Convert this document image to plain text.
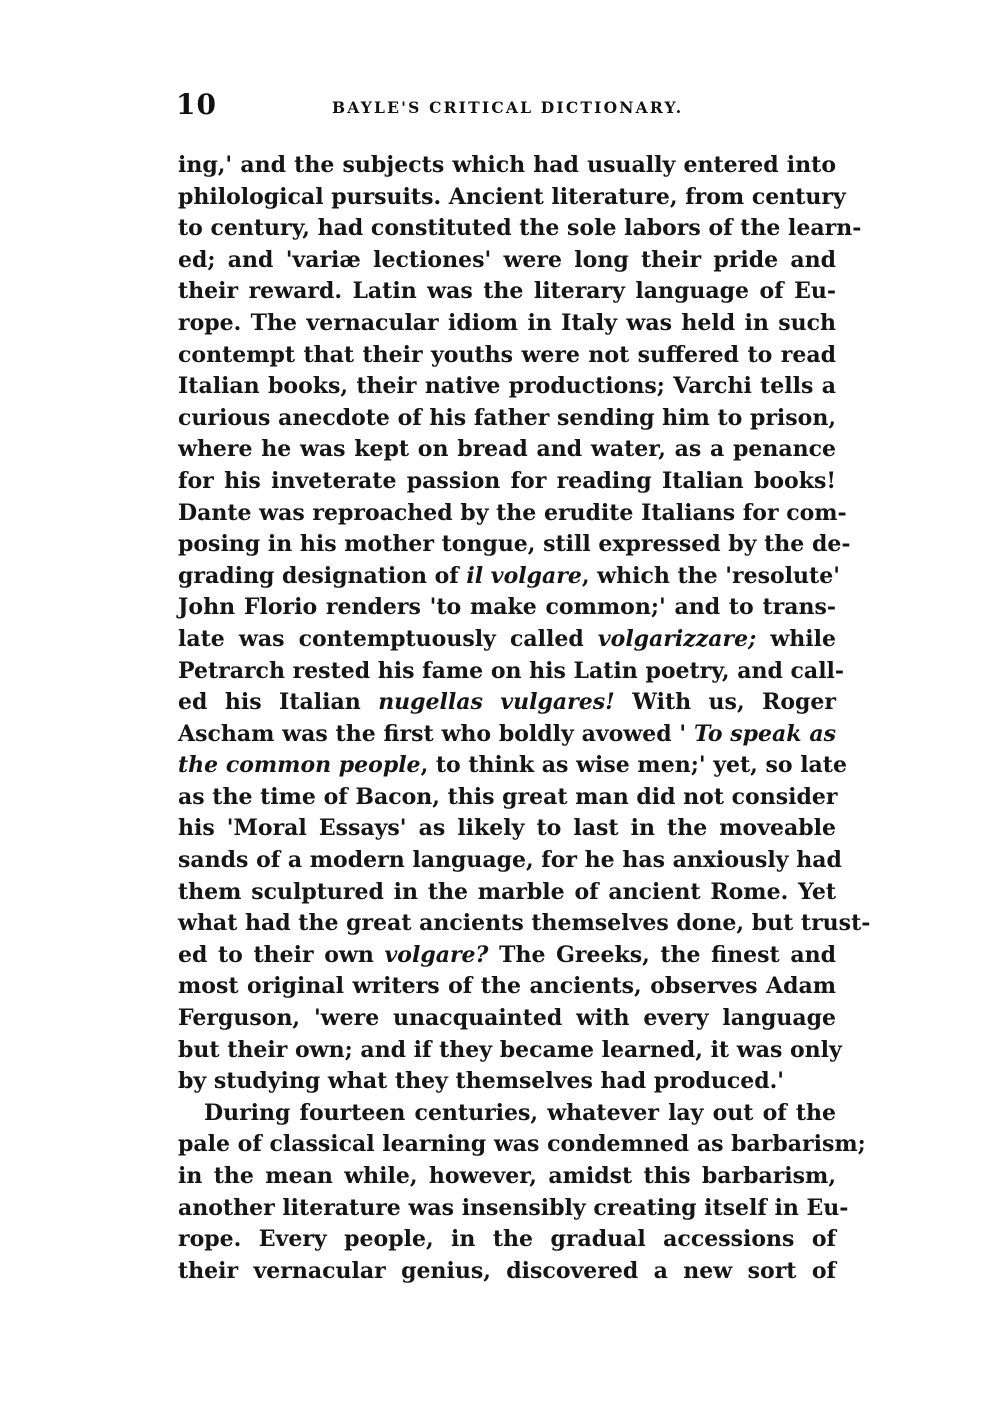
10	BAYLE'S CRITICAL DICTIONARY.
ing,' and the subjects which had usually entered into
philological pursuits. Ancient literature, from century
to century, had constituted the sole labors of the learn-
ed; and 'variæ lectiones' were long their pride and
their reward. Latin was the literary language of Eu-
rope. The vernacular idiom in Italy was held in such
contempt that their youths were not suffered to read
Italian books, their native productions; Varchi tells a
curious anecdote of his father sending him to prison,
where he was kept on bread and water, as a penance
for his inveterate passion for reading Italian books!
Dante was reproached by the erudite Italians for com-
posing in his mother tongue, still expressed by the de-
grading designation of il volgare, which the 'resolute'
John Florio renders 'to make common;' and to trans-
late was contemptuously called volgarizzare; while
Petrarch rested his fame on his Latin poetry, and call-
ed his Italian nugellas vulgares! With us, Roger
Ascham was the first who boldly avowed ' To speak as
the common people, to think as wise men;' yet, so late
as the time of Bacon, this great man did not consider
his 'Moral Essays' as likely to last in the moveable
sands of a modern language, for he has anxiously had
them sculptured in the marble of ancient Rome. Yet
what had the great ancients themselves done, but trust-
ed to their own volgare? The Greeks, the finest and
most original writers of the ancients, observes Adam
Ferguson, 'were unacquainted with every language
but their own; and if they became learned, it was only
by studying what they themselves had produced.'
During fourteen centuries, whatever lay out of the
pale of classical learning was condemned as barbarism;
in the mean while, however, amidst this barbarism,
another literature was insensibly creating itself in Eu-
rope. Every people, in the gradual accessions of
their vernacular genius, discovered a new sort of
